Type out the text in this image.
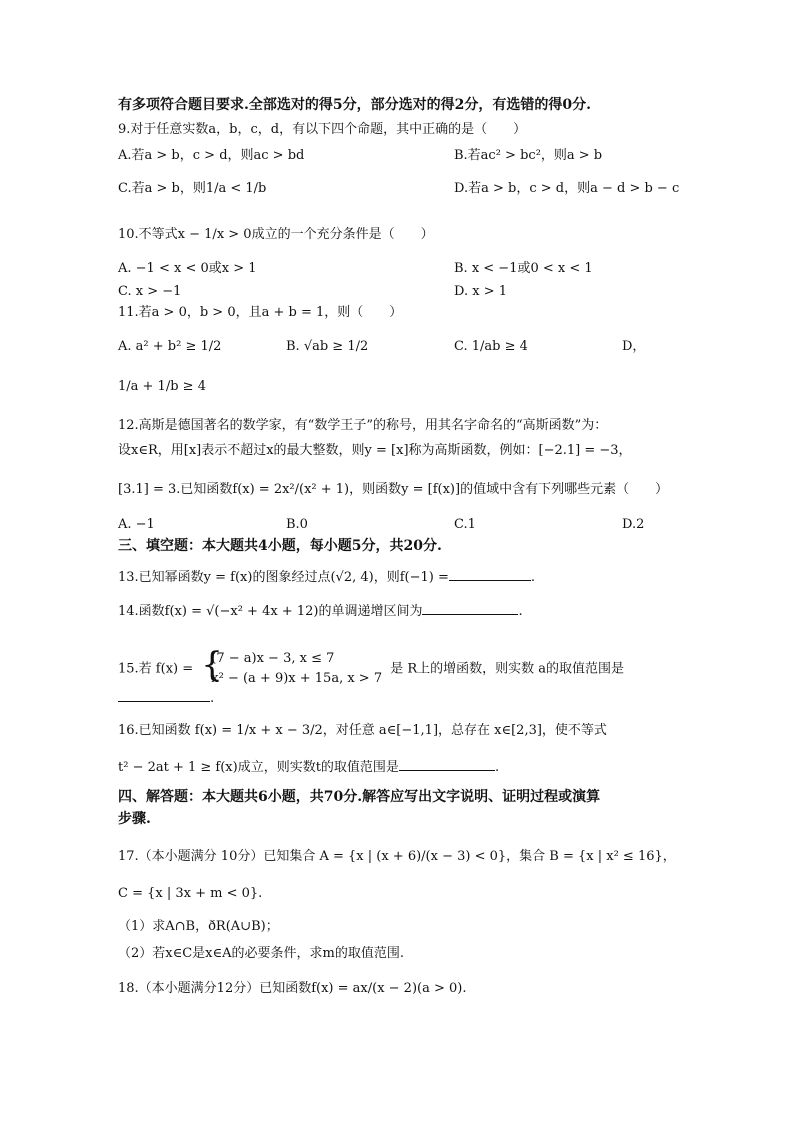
有多项符合题目要求.全部选对的得5分，部分选对的得2分，有选错的得0分.
9.对于任意实数a，b，c，d，有以下四个命题，其中正确的是（　　）
A.若a > b，c > d，则ac > bd	B.若ac² > bc²，则a > b
C.若a > b，则1/a < 1/b	D.若a > b，c > d，则a − d > b − c
10.不等式x − 1/x > 0成立的一个充分条件是（　　）
A. −1 < x < 0或x > 1	B. x < −1或0 < x < 1
C. x > −1	D. x > 1
11.若a > 0，b > 0，且a + b = 1，则（　　）
A. a² + b² ≥ 1/2	B. √ab ≥ 1/2	C. 1/ab ≥ 4	D，
1/a + 1/b ≥ 4
12.高斯是德国著名的数学家，有“数学王子”的称号，用其名字命名的“高斯函数”为：
设x∈R，用[x]表示不超过x的最大整数，则y = [x]称为高斯函数，例如：[−2.1] = −3，
[3.1] = 3.已知函数f(x) = 2x²/(x² + 1)，则函数y = [f(x)]的值域中含有下列哪些元素（　　）
A. −1	B.0	C.1	D.2
三、填空题：本大题共4小题，每小题5分，共20分.
13.已知幂函数y = f(x)的图象经过点(√2, 4)，则f(−1) =	.
14.函数f(x) = √(−x² + 4x + 12)的单调递增区间为	.
15.若 f(x) = {
(7 − a)x − 3, x ≤ 7
x² − (a + 9)x + 15a, x > 7
是 R上的增函数，则实数 a的取值范围是
.
16.已知函数 f(x) = 1/x + x − 3/2，对任意 a∈[−1,1]，总存在 x∈[2,3]，使不等式
t² − 2at + 1 ≥ f(x)成立，则实数t的取值范围是	.
四、解答题：本大题共6小题，共70分.解答应写出文字说明、证明过程或演算
步骤.
17.（本小题满分 10分）已知集合 A = {x | (x + 6)/(x − 3) < 0}，集合 B = {x | x² ≤ 16}，
C = {x | 3x + m < 0}.
（1）求A∩B，ðR(A∪B)；
（2）若x∈C是x∈A的必要条件，求m的取值范围.
18.（本小题满分12分）已知函数f(x) = ax/(x − 2)(a > 0).
